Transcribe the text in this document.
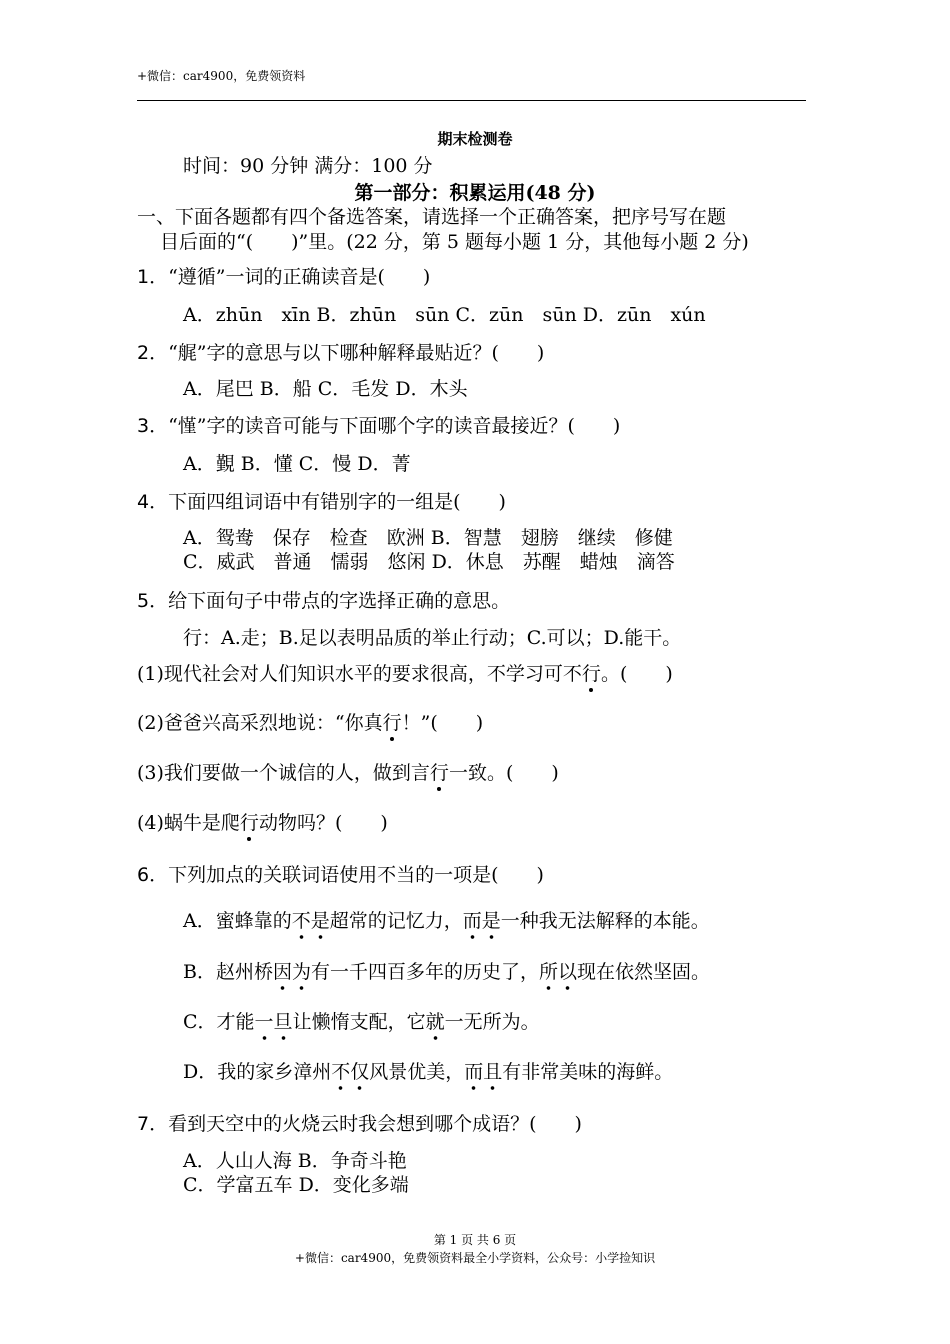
+微信：car4900，免费领资料
期末检测卷
时间：90 分钟 满分：100 分
第一部分：积累运用(48 分)
一、下面各题都有四个备选答案，请选择一个正确答案，把序号写在题
目后面的“(　　)”里。(22 分，第 5 题每小题 1 分，其他每小题 2 分)
1．“遵循”一词的正确读音是(　　)
A．zhūn　xīn B．zhūn　sūn C．zūn　sūn D．zūn　xún
2．“艉”字的意思与以下哪种解释最贴近？(　　)
A．尾巴 B．船 C．毛发 D．木头
3．“慬”字的读音可能与下面哪个字的读音最接近？(　　)
A．覲 B．懂 C．慢 D．菁
4．下面四组词语中有错别字的一组是(　　)
A．鸳鸯　保存　检查　欧洲 B．智慧　翅膀　继续　修健
C．威武　普通　懦弱　悠闲 D．休息　苏醒　蜡烛　滴答
5．给下面句子中带点的字选择正确的意思。
行：A.走；B.足以表明品质的举止行动；C.可以；D.能干。
(1)现代社会对人们知识水平的要求很高，不学习可不行。(　　)
(2)爸爸兴高采烈地说：“你真行！”(　　)
(3)我们要做一个诚信的人，做到言行一致。(　　)
(4)蜗牛是爬行动物吗？(　　)
6．下列加点的关联词语使用不当的一项是(　　)
A．蜜蜂靠的不是超常的记忆力，而是一种我无法解释的本能。
B．赵州桥因为有一千四百多年的历史了，所以现在依然坚固。
C．才能一旦让懒惰支配，它就一无所为。
D．我的家乡漳州不仅风景优美，而且有非常美味的海鲜。
7．看到天空中的火烧云时我会想到哪个成语？(　　)
A．人山人海 B．争奇斗艳
C．学富五车 D．变化多端
第 1 页 共 6 页
+微信：car4900，免费领资料最全小学资料，公众号：小学捡知识
